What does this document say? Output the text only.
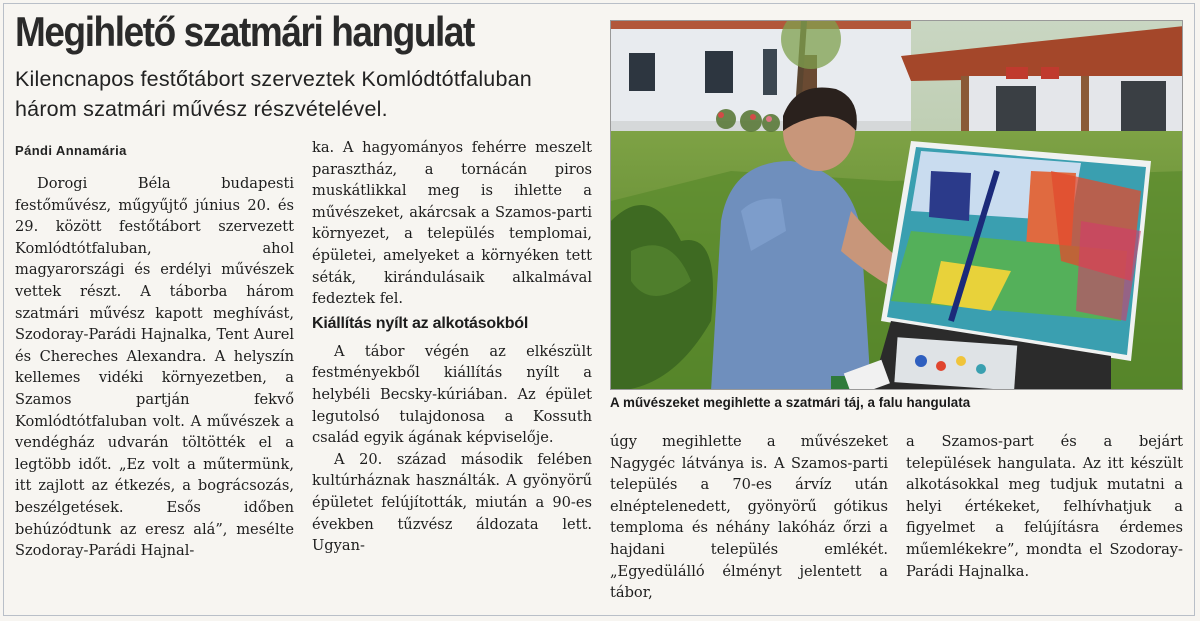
Megihlető szatmári hangulat

Kilencnapos festőtábort szerveztek Komlódtótfaluban három szatmári művész részvételével.

Pándi Annamária

Dorogi Béla budapesti festőművész, műgyűjtő június 20. és 29. között festőtábort szervezett Komlódtótfaluban, ahol magyarországi és erdélyi művészek vettek részt. A táborba három szatmári művész kapott meghívást, Szodoray-Parádi Hajnalka, Tent Aurel és Chereches Alexandra. A helyszín kellemes vidéki környezetben, a Szamos partján fekvő Komlódtótfaluban volt. A művészek a vendégház udvarán töltötték el a legtöbb időt. „Ez volt a műtermünk, itt zajlott az étkezés, a bográcsozás, beszélgetések. Esős időben behúzódtunk az eresz alá”, mesélte Szodoray-Parádi Hajnal-

ka. A hagyományos fehérre meszelt parasztház, a tornácán piros muskátlikkal meg is ihlette a művészeket, akárcsak a Szamos-parti környezet, a település templomai, épületei, amelyeket a környéken tett séták, kirándulásaik alkalmával fedeztek fel.

Kiállítás nyílt az alkotásokból

A tábor végén az elkészült festményekből kiállítás nyílt a helybéli Becsky-kúriában. Az épület legutolsó tulajdonosa a Kossuth család egyik ágának képviselője.

A 20. század második felében kultúrháznak használták. A gyönyörű épületet felújították, miután a 90-es években tűzvész áldozata lett. Ugyan-

A művészeket megihlette a szatmári táj, a falu hangulata

úgy megihlette a művészeket Nagygéc látványa is. A Szamos-parti település a 70-es árvíz után elnéptelenedett, gyönyörű gótikus temploma és néhány lakóház őrzi a hajdani település emlékét. „Egyedülálló élményt jelentett a tábor,

a Szamos-part és a bejárt települések hangulata. Az itt készült alkotásokkal meg tudjuk mutatni a helyi értékeket, felhívhatjuk a figyelmet a felújításra érdemes műemlékekre”, mondta el Szodoray-Parádi Hajnalka.
